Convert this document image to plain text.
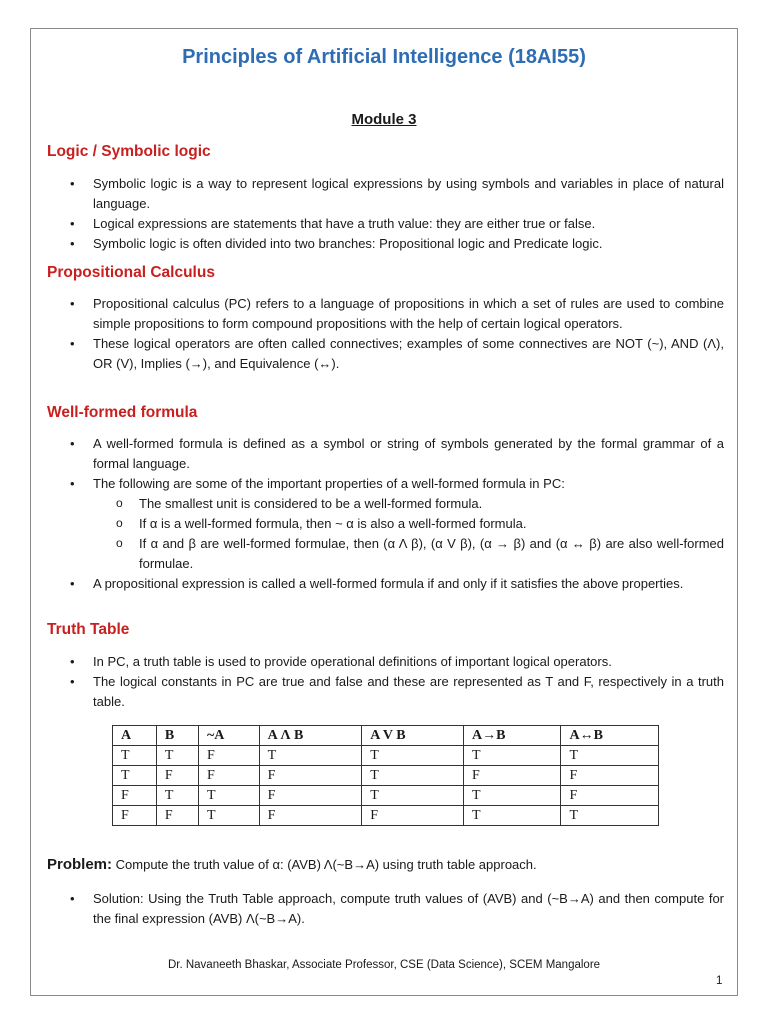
Principles of Artificial Intelligence (18AI55)
Module 3
Logic / Symbolic logic
• Symbolic logic is a way to represent logical expressions by using symbols and variables in place of natural language.
• Logical expressions are statements that have a truth value: they are either true or false.
• Symbolic logic is often divided into two branches: Propositional logic and Predicate logic.
Propositional Calculus
• Propositional calculus (PC) refers to a language of propositions in which a set of rules are used to combine simple propositions to form compound propositions with the help of certain logical operators.
• These logical operators are often called connectives; examples of some connectives are NOT (~), AND (Λ), OR (V), Implies (→), and Equivalence (↔).
Well-formed formula
• A well-formed formula is defined as a symbol or string of symbols generated by the formal grammar of a formal language.
• The following are some of the important properties of a well-formed formula in PC:
o The smallest unit is considered to be a well-formed formula.
o If α is a well-formed formula, then ~ α is also a well-formed formula.
o If α and β are well-formed formulae, then (α Λ β), (α V β), (α → β) and (α ↔ β) are also well-formed formulae.
• A propositional expression is called a well-formed formula if and only if it satisfies the above properties.
Truth Table
• In PC, a truth table is used to provide operational definitions of important logical operators.
• The logical constants in PC are true and false and these are represented as T and F, respectively in a truth table.
A	B	~A	A Λ B	A V B	A→B	A↔B
T	T	F	T	T	T	T
T	F	F	F	T	F	F
F	T	T	F	T	T	F
F	F	T	F	F	T	T
Problem: Compute the truth value of α: (AVB) Λ(~B→A) using truth table approach.
• Solution: Using the Truth Table approach, compute truth values of (AVB) and (~B→A) and then compute for the final expression (AVB) Λ(~B→A).
Dr. Navaneeth Bhaskar, Associate Professor, CSE (Data Science), SCEM Mangalore
1
